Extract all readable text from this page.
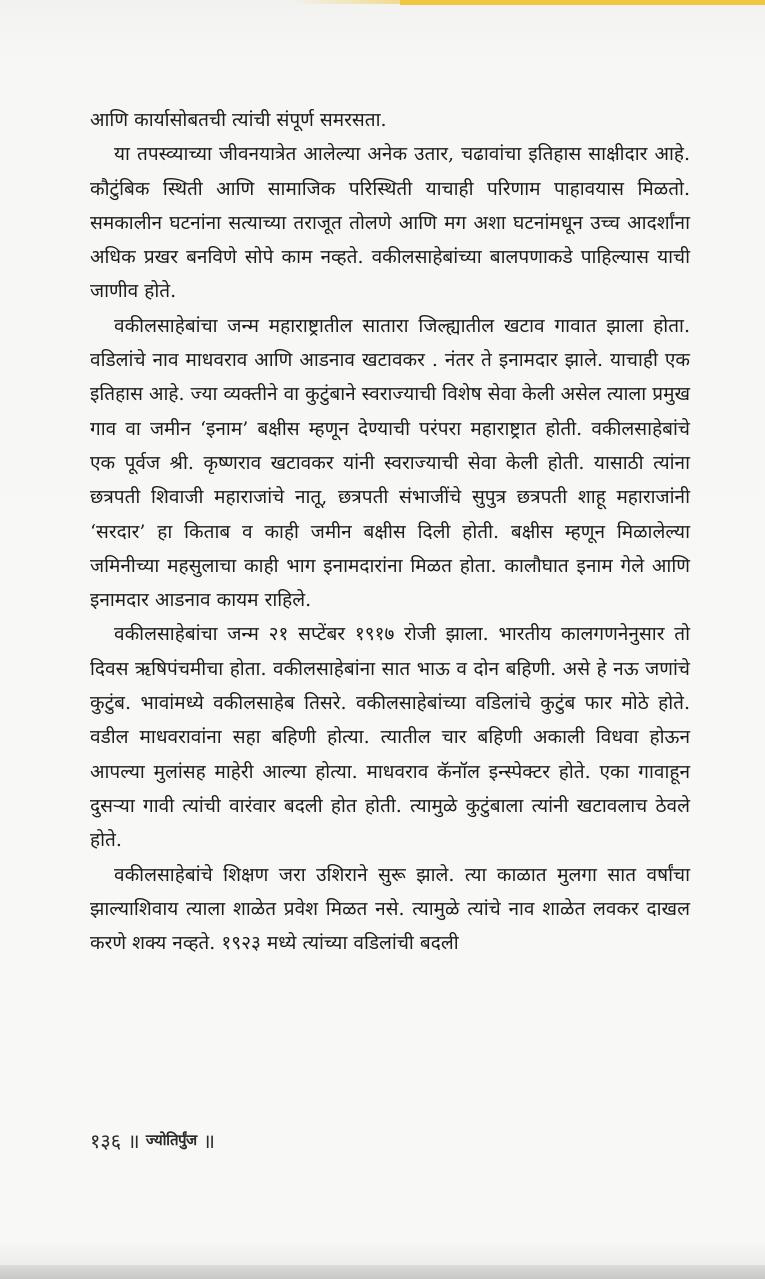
आणि कार्यासोबतची त्यांची संपूर्ण समरसता.

या तपस्व्याच्या जीवनयात्रेत आलेल्या अनेक उतार, चढावांचा इतिहास साक्षीदार आहे. कौटुंबिक स्थिती आणि सामाजिक परिस्थिती याचाही परिणाम पाहावयास मिळतो. समकालीन घटनांना सत्याच्या तराजूत तोलणे आणि मग अशा घटनांमधून उच्च आदर्शांना अधिक प्रखर बनविणे सोपे काम नव्हते. वकीलसाहेबांच्या बालपणाकडे पाहिल्यास याची जाणीव होते.

वकीलसाहेबांचा जन्म महाराष्ट्रातील सातारा जिल्ह्यातील खटाव गावात झाला होता. वडिलांचे नाव माधवराव आणि आडनाव खटावकर . नंतर ते इनामदार झाले. याचाही एक इतिहास आहे. ज्या व्यक्तीने वा कुटुंबाने स्वराज्याची विशेष सेवा केली असेल त्याला प्रमुख गाव वा जमीन ‘इनाम’ बक्षीस म्हणून देण्याची परंपरा महाराष्ट्रात होती. वकीलसाहेबांचे एक पूर्वज श्री. कृष्णराव खटावकर यांनी स्वराज्याची सेवा केली होती. यासाठी त्यांना छत्रपती शिवाजी महाराजांचे नातू, छत्रपती संभाजींचे सुपुत्र छत्रपती शाहू महाराजांनी ‘सरदार’ हा किताब व काही जमीन बक्षीस दिली होती. बक्षीस म्हणून मिळालेल्या जमिनीच्या महसुलाचा काही भाग इनामदारांना मिळत होता. कालौघात इनाम गेले आणि इनामदार आडनाव कायम राहिले.

वकीलसाहेबांचा जन्म २१ सप्टेंबर १९१७ रोजी झाला. भारतीय कालगणनेनुसार तो दिवस ऋषिपंचमीचा होता. वकीलसाहेबांना सात भाऊ व दोन बहिणी. असे हे नऊ जणांचे कुटुंब. भावांमध्ये वकीलसाहेब तिसरे. वकीलसाहेबांच्या वडिलांचे कुटुंब फार मोठे होते. वडील माधवरावांना सहा बहिणी होत्या. त्यातील चार बहिणी अकाली विधवा होऊन आपल्या मुलांसह माहेरी आल्या होत्या. माधवराव कॅनॉल इन्स्पेक्टर होते. एका गावाहून दुसऱ्या गावी त्यांची वारंवार बदली होत होती. त्यामुळे कुटुंबाला त्यांनी खटावलाच ठेवले होते.

वकीलसाहेबांचे शिक्षण जरा उशिराने सुरू झाले. त्या काळात मुलगा सात वर्षांचा झाल्याशिवाय त्याला शाळेत प्रवेश मिळत नसे. त्यामुळे त्यांचे नाव शाळेत लवकर दाखल करणे शक्य नव्हते. १९२३ मध्ये त्यांच्या वडिलांची बदली

१३६ ॥ ज्योतिर्पुंज ॥
